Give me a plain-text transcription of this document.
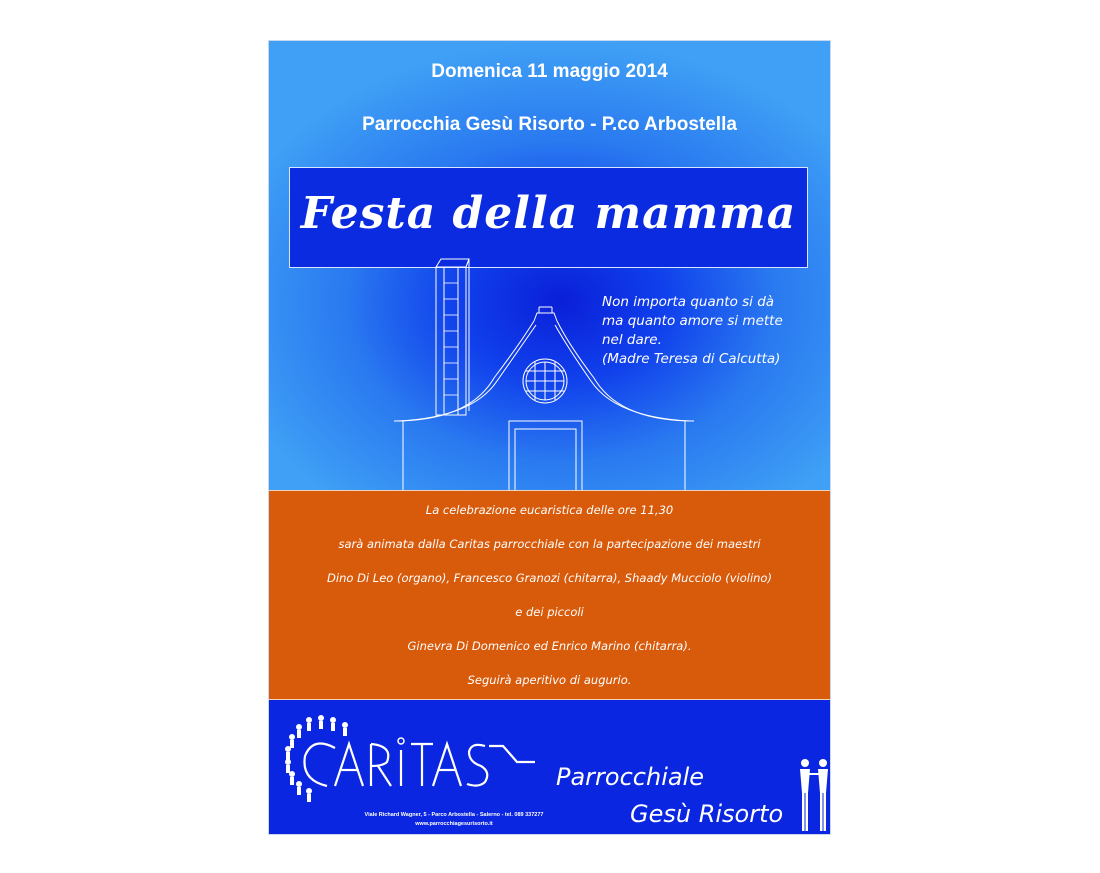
Domenica 11 maggio 2014
Parrocchia Gesù Risorto - P.co Arbostella
Festa della mamma
Non importa quanto si dà
ma quanto amore si mette
nel dare.
(Madre Teresa di Calcutta)
La celebrazione eucaristica delle ore 11,30
sarà animata dalla Caritas parrocchiale con la partecipazione dei maestri
Dino Di Leo (organo), Francesco Granozi (chitarra), Shaady Mucciolo (violino)
e dei piccoli
Ginevra Di Domenico ed Enrico Marino (chitarra).
Seguirà aperitivo di augurio.
Parrocchiale
Gesù Risorto
Viale Richard Wagner, 5 - Parco Arbostella - Salerno - tel. 089 337277
www.parrocchiagesurisorto.it
